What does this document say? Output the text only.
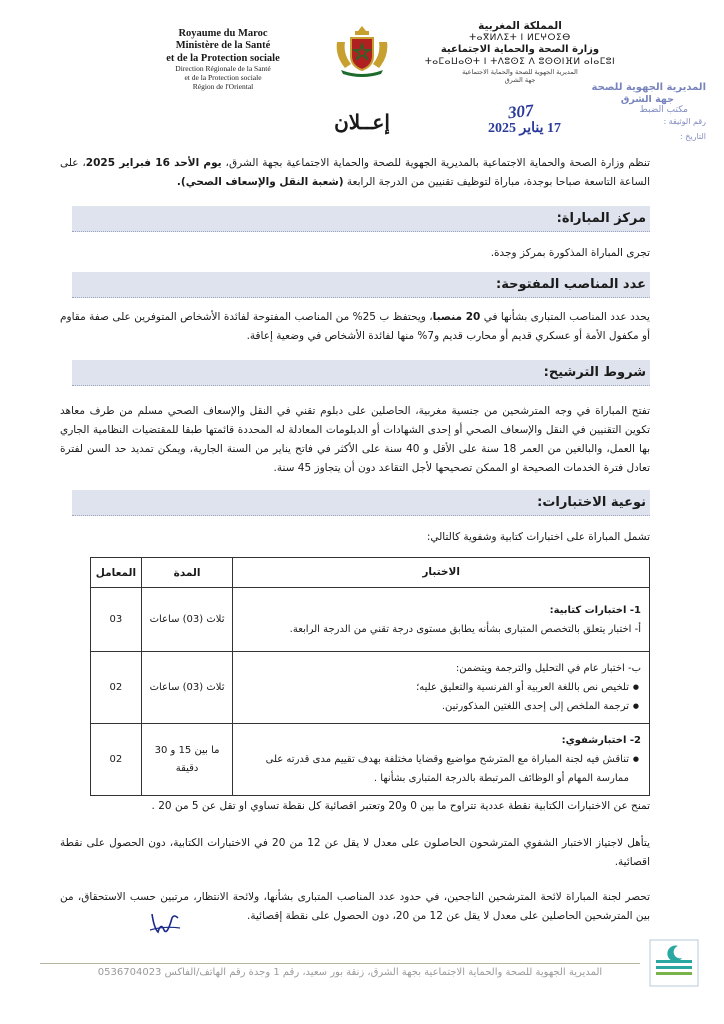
Royaume du Maroc
Ministère de la Santé
et de la Protection sociale
Direction Régionale de la Santé
et de la Protection sociale
Région de l'Oriental
المملكة المغربية
ⵜⴰⴳⵍⴷⵉⵜ ⵏ ⵍⵎⵖⵔⵉⴱ
وزارة الصحة والحماية الاجتماعية
ⵜⴰⵎⴰⵡⴰⵙⵜ ⵏ ⵜⴷⵓⵙⵉ ⴷ ⵓⵙⵙⵏⴼⵍ ⴰⵏⴰⵎⵓⵏ
المديرية الجهوية للصحة والحماية الاجتماعية
جهة الشرق
المديرية الجهوية للصحة
جهة الشرق
مكتب الضبط
رقم الوثيقة :
التاريخ :
307
17 يناير 2025
إعــلان
تنظم وزارة الصحة والحماية الاجتماعية بالمديرية الجهوية للصحة والحماية الاجتماعية بجهة الشرق، يوم الأحد 16 فبراير 2025، على الساعة التاسعة صباحا بوجدة، مباراة لتوظيف تقنيين من الدرجة الرابعة (شعبة النقل والإسعاف الصحي).
مركز المباراة:
تجرى المباراة المذكورة بمركز وجدة.
عدد المناصب المفتوحة:
يحدد عدد المناصب المتبارى بشأنها في 20 منصبا، ويحتفظ ب 25% من المناصب المفتوحة لفائدة الأشخاص المتوفرين على صفة مقاوم أو مكفول الأمة أو عسكري قديم أو محارب قديم و7% منها لفائدة الأشخاص في وضعية إعاقة.
شروط الترشيح:
تفتح المباراة في وجه المترشحين من جنسية مغربية، الحاصلين على دبلوم تقني في النقل والإسعاف الصحي مسلم من طرف معاهد تكوين التقنيين في النقل والإسعاف الصحي أو إحدى الشهادات أو الدبلومات المعادلة له المحددة قائمتها طبقا للمقتضيات النظامية الجاري بها العمل، والبالغين من العمر 18 سنة على الأقل و 40 سنة على الأكثر في فاتح يناير من السنة الجارية، ويمكن تمديد حد السن لفترة تعادل فترة الخدمات الصحيحة او الممكن تصحيحها لأجل التقاعد دون أن يتجاوز 45 سنة.
نوعية الاختبارات:
تشمل المباراة على اختبارات كتابية وشفوية كالتالي:
الاختبار	المدة	المعامل

1- اختبارات كتابية:
أ- اختبار يتعلق بالتخصص المتبارى بشأنه يطابق مستوى درجة تقني من الدرجة الرابعة.	ثلاث (03) ساعات	03

ب- اختبار عام في التحليل والترجمة ويتضمن:
● تلخيص نص باللغة العربية أو الفرنسية والتعليق عليه؛
● ترجمة الملخص إلى إحدى اللغتين المذكورتين.	ثلاث (03) ساعات	02

2- اختبارشفوي:
● تناقش فيه لجنة المباراة مع المترشح مواضيع وقضايا مختلفة بهدف تقييم مدى قدرته على ممارسة المهام أو الوظائف المرتبطة بالدرجة المتبارى بشأنها .	ما بين 15 و 30 دقيقة	02
تمنح عن الاختبارات الكتابية نقطة عددية تتراوح ما بين 0 و20 وتعتبر اقصائية كل نقطة تساوي او تقل عن 5 من 20 .
يتأهل لاجتياز الاختبار الشفوي المترشحون الحاصلون على معدل لا يقل عن 12 من 20 في الاختبارات الكتابية، دون الحصول على نقطة اقصائية.
تحصر لجنة المباراة لائحة المترشحين الناجحين، في حدود عدد المناصب المتبارى بشأنها، ولائحة الانتظار، مرتبين حسب الاستحقاق، من بين المترشحين الحاصلين على معدل لا يقل عن 12 من 20، دون الحصول على نقطة إقصائية.
المديرية الجهوية للصحة والحماية الاجتماعية بجهة الشرق، زنقة بور سعيد، رقم 1 وجدة رقم الهاتف/الفاكس 0536704023
